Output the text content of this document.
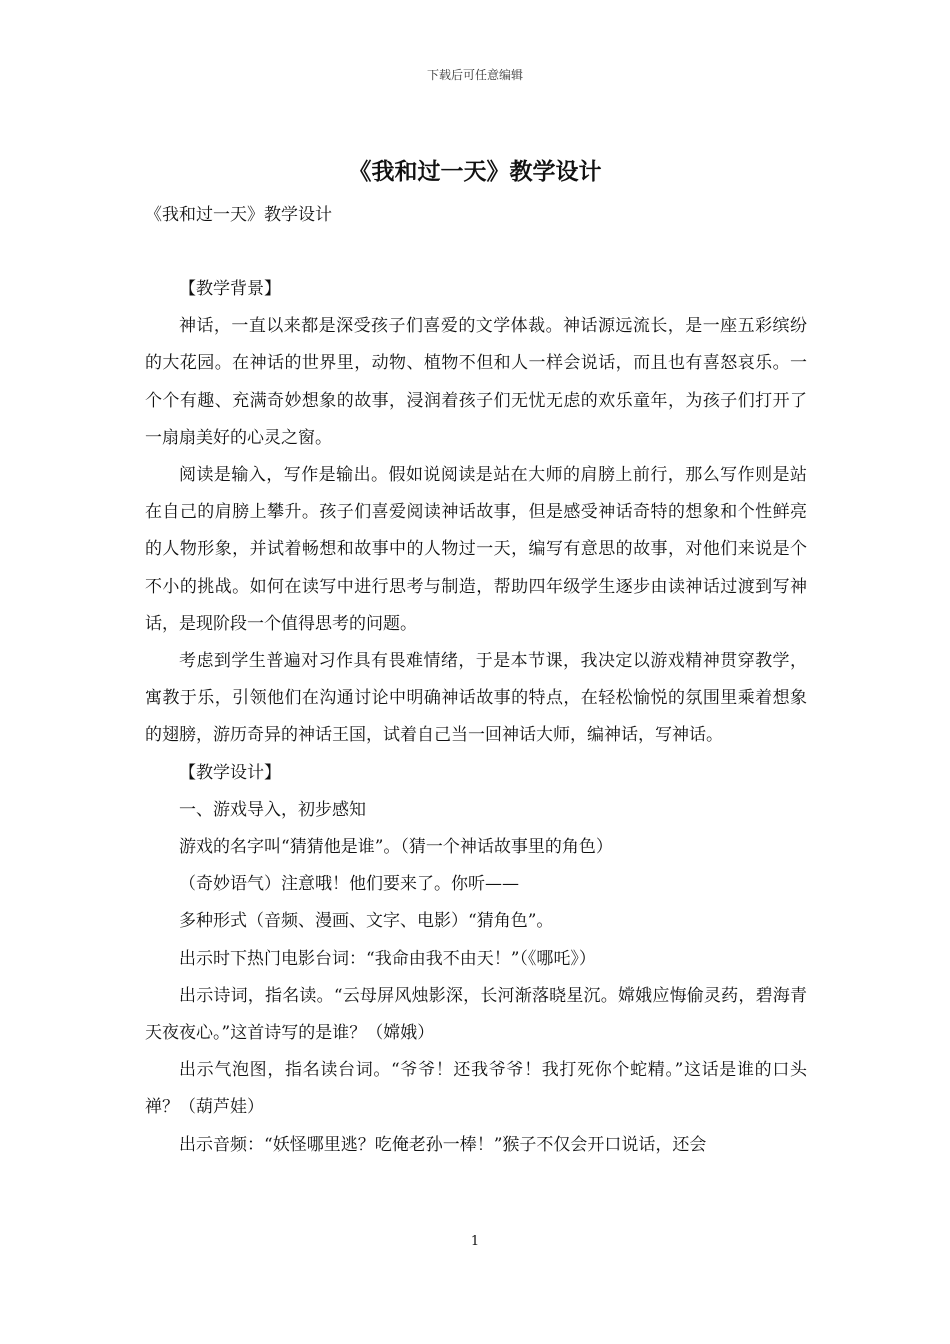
下载后可任意编辑
《我和过一天》教学设计

《我和过一天》教学设计

【教学背景】

神话，一直以来都是深受孩子们喜爱的文学体裁。神话源远流长，是一座五彩缤纷的大花园。在神话的世界里，动物、植物不但和人一样会说话，而且也有喜怒哀乐。一个个有趣、充满奇妙想象的故事，浸润着孩子们无忧无虑的欢乐童年，为孩子们打开了一扇扇美好的心灵之窗。

阅读是输入，写作是输出。假如说阅读是站在大师的肩膀上前行，那么写作则是站在自己的肩膀上攀升。孩子们喜爱阅读神话故事，但是感受神话奇特的想象和个性鲜亮的人物形象，并试着畅想和故事中的人物过一天，编写有意思的故事，对他们来说是个不小的挑战。如何在读写中进行思考与制造，帮助四年级学生逐步由读神话过渡到写神话，是现阶段一个值得思考的问题。

考虑到学生普遍对习作具有畏难情绪，于是本节课，我决定以游戏精神贯穿教学，寓教于乐，引领他们在沟通讨论中明确神话故事的特点，在轻松愉悦的氛围里乘着想象的翅膀，游历奇异的神话王国，试着自己当一回神话大师，编神话，写神话。

【教学设计】

一、游戏导入，初步感知

游戏的名字叫“猜猜他是谁”。（猜一个神话故事里的角色）

（奇妙语气）注意哦！他们要来了。你听——

多种形式（音频、漫画、文字、电影）“猜角色”。

出示时下热门电影台词：“我命由我不由天！”（《哪吒》）

出示诗词，指名读。“云母屏风烛影深，长河渐落晓星沉。嫦娥应悔偷灵药，碧海青天夜夜心。”这首诗写的是谁？（嫦娥）

出示气泡图，指名读台词。“爷爷！还我爷爷！我打死你个蛇精。”这话是谁的口头禅？（葫芦娃）

出示音频：“妖怪哪里逃？吃俺老孙一棒！”猴子不仅会开口说话，还会

1
